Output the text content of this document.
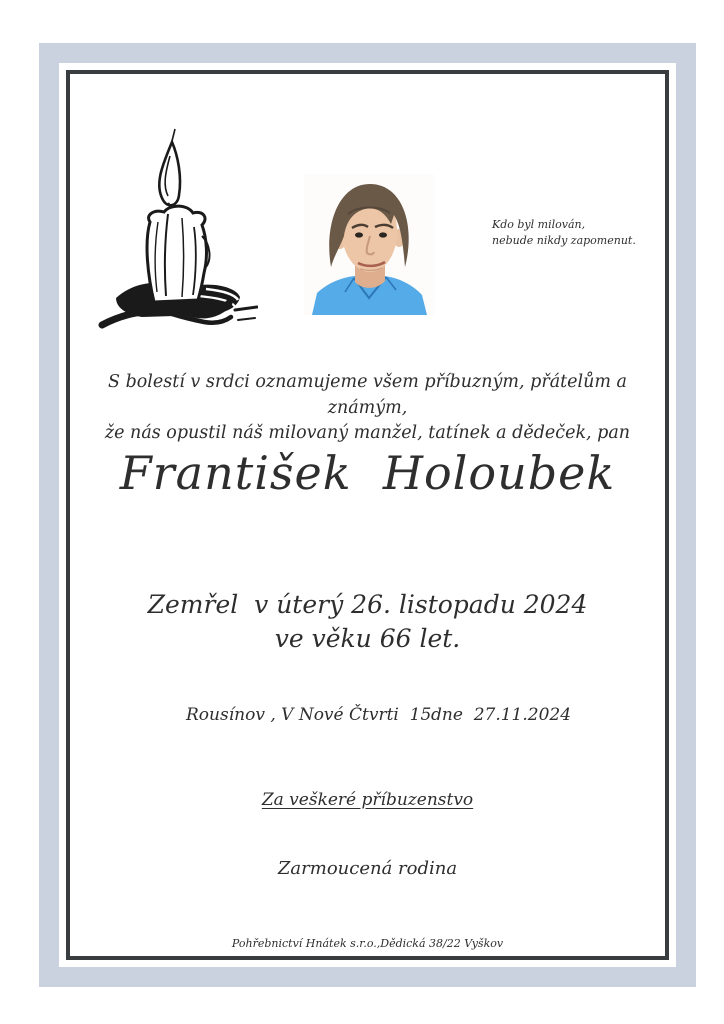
Kdo byl milován,
nebude nikdy zapomenut.
S bolestí v srdci oznamujeme všem příbuzným, přátelům a známým,
že nás opustil náš milovaný manžel, tatínek a dědeček, pan
František  Holoubek
Zemřel  v úterý 26. listopadu 2024
ve věku 66 let.
Rousínov , V Nové Čtvrti  15 dne  27.11.2024
Za veškeré příbuzenstvo
Zarmoucená rodina
Pohřebnictví Hnátek s.r.o.,Dědická 38/22 Vyškov
